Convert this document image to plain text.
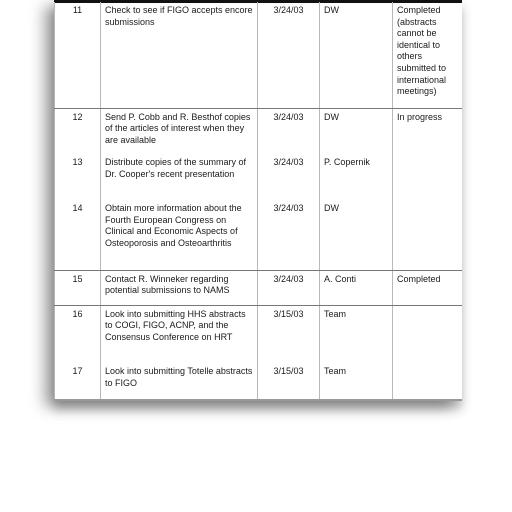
11	Check to see if FIGO accepts encore submissions	3/24/03	DW	Completed (abstracts cannot be identical to others submitted to international meetings)
12	Send P. Cobb and R. Besthof copies of the articles of interest when they are available	3/24/03	DW	In progress
13	Distribute copies of the summary of Dr. Cooper's recent presentation	3/24/03	P. Copernik	
14	Obtain more information about the Fourth European Congress on Clinical and Economic Aspects of Osteoporosis and Osteoarthritis	3/24/03	DW	
15	Contact R. Winneker regarding potential submissions to NAMS	3/24/03	A. Conti	Completed
16	Look into submitting HHS abstracts to COGI, FIGO, ACNP, and the Consensus Conference on HRT	3/15/03	Team	
17	Look into submitting Totelle abstracts to FIGO	3/15/03	Team	
